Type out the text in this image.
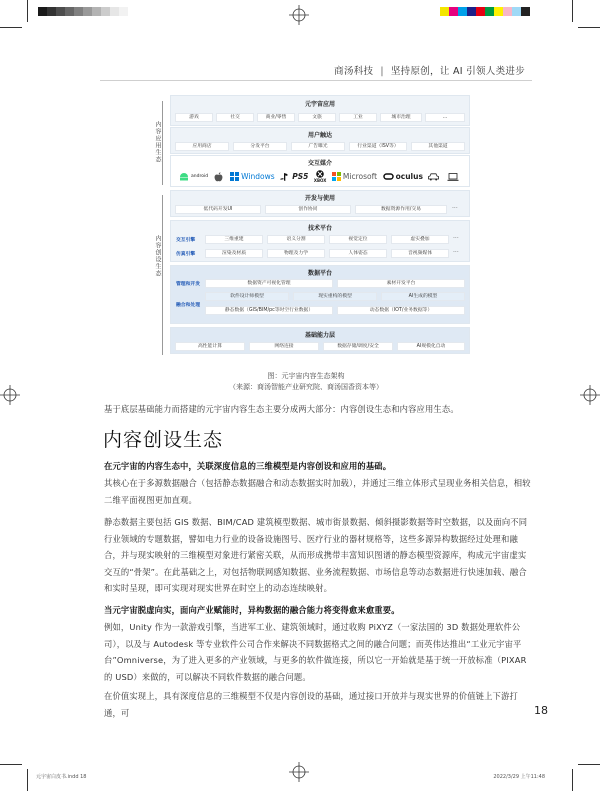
商汤科技 | 坚持原创，让 AI 引领人类进步
内容应用生态
内容创设生态
元宇宙应用
游戏	社交	商业/零售	文旅	工业	城市治理	...
用户触达
应用商店	分发平台	广告曝光	行业渠道（ISV等）	其他渠道
交互媒介
android	Windows PS5 XBOX Microsoft oculus
开发与使用
低代码开发UI	创作协同	数据资源作用/交易	...
技术平台
交互引擎	三维重建	语义分割	视觉定位	虚实叠加	...
仿真引擎	渲染及材质	物理及力学	人体姿态	音视频媒体	...
数据平台
管理和开发	数据资产可视化管理	素材开发平台
融合和处理
软件设计师模型	现实重构的模型	AI生成的模型
静态数据（GIS/BIM/pc等时空行业数据）	动态数据（IOT/业务数据等）
基础能力层
高性能计算	网络连接	数据存储/调度/安全	AI规模化自动
图：元宇宙内容生态架构
（来源：商汤智能产业研究院、商汤国香资本等）
基于底层基础能力而搭建的元宇宙内容生态主要分成两大部分：内容创设生态和内容应用生态。
内容创设生态
在元宇宙的内容生态中，关联深度信息的三维模型是内容创设和应用的基础。
其核心在于多源数据融合（包括静态数据融合和动态数据实时加载），并通过三维立体形式呈现业务相关信息，相较二维平面视图更加直观。
静态数据主要包括 GIS 数据、BIM/CAD 建筑模型数据、城市街景数据、倾斜摄影数据等时空数据，以及面向不同行业领域的专题数据，譬如电力行业的设备设施图号、医疗行业的器材规格等，这些多源异构数据经过处理和融合，并与现实映射的三维模型对象进行紧密关联，从而形成携带丰富知识图谱的静态模型资源库，构成元宇宙虚实交互的“骨架”。在此基础之上，对包括物联网感知数据、业务流程数据、市场信息等动态数据进行快速加载、融合和实时呈现，即可实现对现实世界在时空上的动态连续映射。
当元宇宙脱虚向实，面向产业赋能时，异构数据的融合能力将变得愈来愈重要。
例如，Unity 作为一款游戏引擎，当进军工业、建筑领域时，通过收购 PiXYZ（一家法国的 3D 数据处理软件公司），以及与 Autodesk 等专业软件公司合作来解决不同数据格式之间的融合问题；而英伟达推出“工业元宇宙平台”Omniverse，为了进入更多的产业领域，与更多的软件做连接，所以它一开始就是基于统一开放标准（PIXAR 的 USD）来做的，可以解决不同软件数据的融合问题。
在价值实现上，具有深度信息的三维模型不仅是内容创设的基础，通过接口开放并与现实世界的价值链上下游打通，可	18
元宇宙白皮书.indd 18	2022/3/29 上午11:48
